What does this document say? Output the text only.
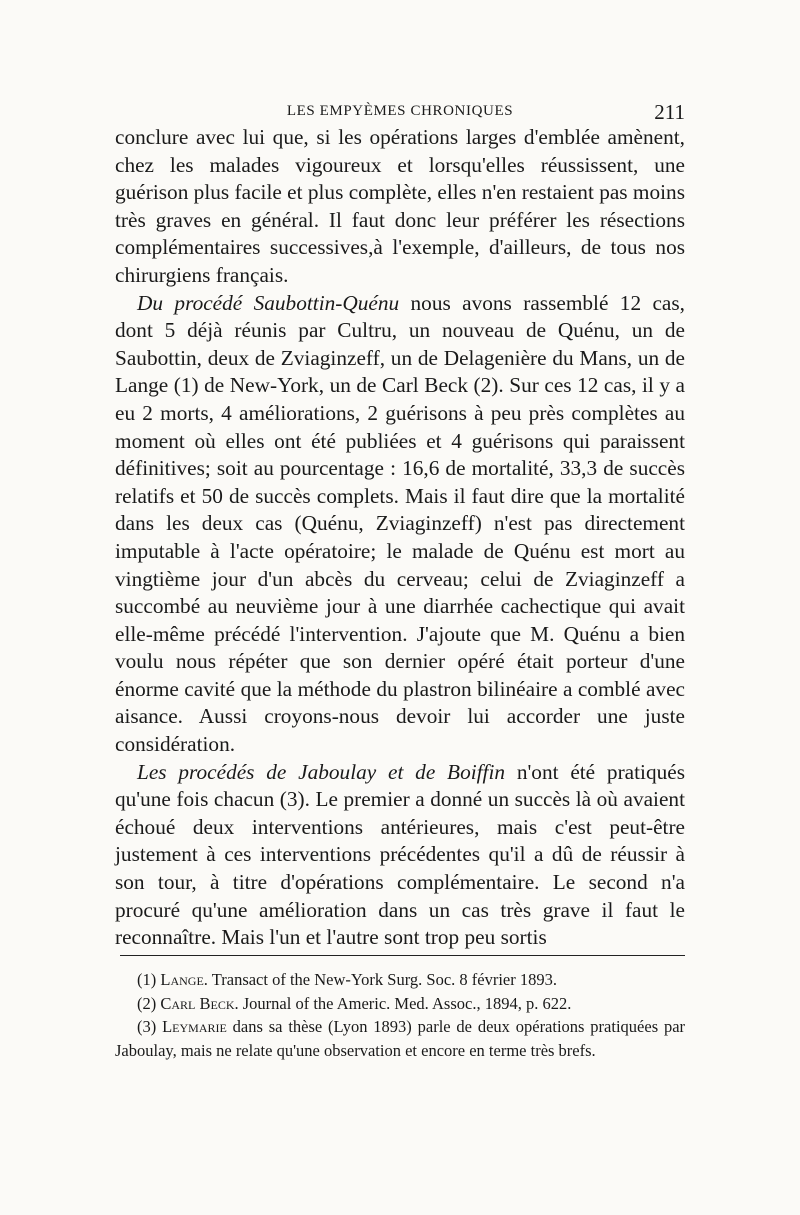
LES EMPYÈMES CHRONIQUES	211

conclure avec lui que, si les opérations larges d'emblée amènent, chez les malades vigoureux et lorsqu'elles réussissent, une guérison plus facile et plus complète, elles n'en restaient pas moins très graves en général. Il faut donc leur préférer les résections complémentaires successives,à l'exemple, d'ailleurs, de tous nos chirurgiens français.

Du procédé Saubottin-Quénu nous avons rassemblé 12 cas, dont 5 déjà réunis par Cultru, un nouveau de Quénu, un de Saubottin, deux de Zviaginzeff, un de Delagenière du Mans, un de Lange (1) de New-York, un de Carl Beck (2). Sur ces 12 cas, il y a eu 2 morts, 4 améliorations, 2 guérisons à peu près complètes au moment où elles ont été publiées et 4 guérisons qui paraissent définitives; soit au pourcentage : 16,6 de mortalité, 33,3 de succès relatifs et 50 de succès complets. Mais il faut dire que la mortalité dans les deux cas (Quénu, Zviaginzeff) n'est pas directement imputable à l'acte opératoire; le malade de Quénu est mort au vingtième jour d'un abcès du cerveau; celui de Zviaginzeff a succombé au neuvième jour à une diarrhée cachectique qui avait elle-même précédé l'intervention. J'ajoute que M. Quénu a bien voulu nous répéter que son dernier opéré était porteur d'une énorme cavité que la méthode du plastron bilinéaire a comblé avec aisance. Aussi croyons-nous devoir lui accorder une juste considération.

Les procédés de Jaboulay et de Boiffin n'ont été pratiqués qu'une fois chacun (3). Le premier a donné un succès là où avaient échoué deux interventions antérieures, mais c'est peut-être justement à ces interventions précédentes qu'il a dû de réussir à son tour, à titre d'opérations complémentaire. Le second n'a procuré qu'une amélioration dans un cas très grave il faut le reconnaître. Mais l'un et l'autre sont trop peu sortis

(1) Lange. Transact of the New-York Surg. Soc. 8 février 1893.

(2) Carl Beck. Journal of the Americ. Med. Assoc., 1894, p. 622.

(3) Leymarie dans sa thèse (Lyon 1893) parle de deux opérations pratiquées par Jaboulay, mais ne relate qu'une observation et encore en terme très brefs.
